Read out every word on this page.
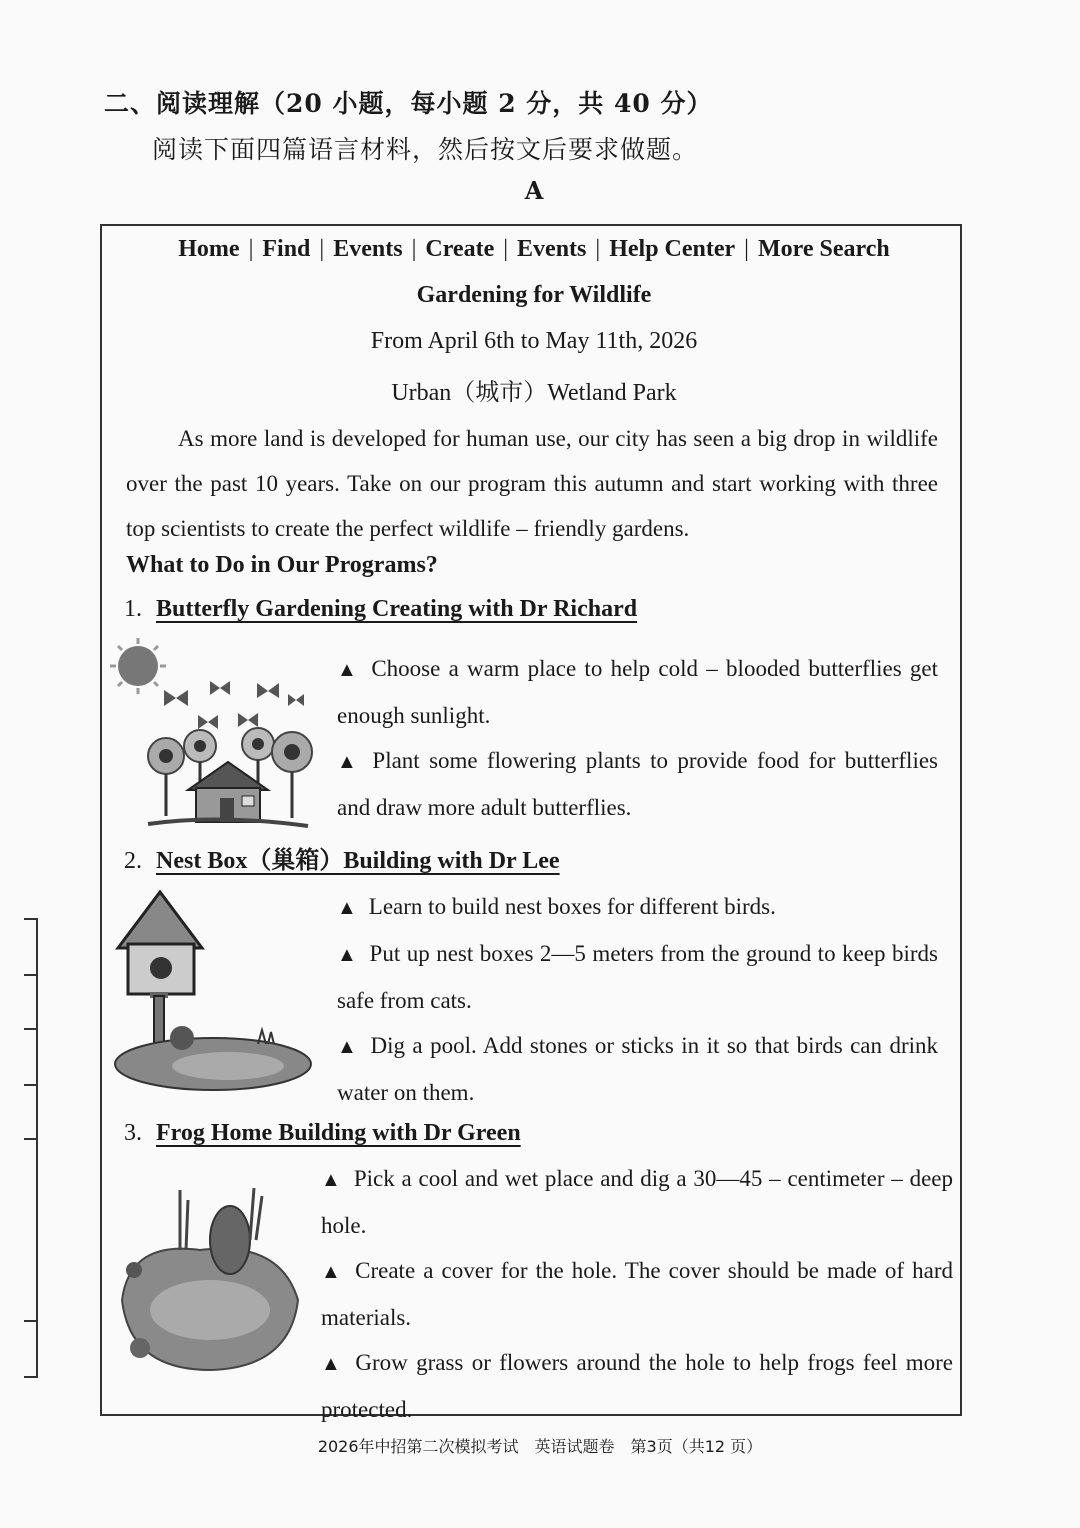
二、阅读理解（20 小题，每小题 2 分，共 40 分）
阅读下面四篇语言材料，然后按文后要求做题。
A
Home | Find | Events | Create | Events | Help Center | More Search
Gardening for Wildlife
From April 6th to May 11th, 2026
Urban（城市）Wetland Park
As more land is developed for human use, our city has seen a big drop in wildlife over the past 10 years. Take on our program this autumn and start working with three top scientists to create the perfect wildlife – friendly gardens.
What to Do in Our Programs?
1. Butterfly Gardening Creating with Dr Richard

▲ Choose a warm place to help cold – blooded butterflies get enough sunlight.

▲ Plant some flowering plants to provide food for butterflies and draw more adult butterflies.

2. Nest Box（巢箱）Building with Dr Lee

▲ Learn to build nest boxes for different birds.

▲ Put up nest boxes 2—5 meters from the ground to keep birds safe from cats.

▲ Dig a pool. Add stones or sticks in it so that birds can drink water on them.

3. Frog Home Building with Dr Green

▲ Pick a cool and wet place and dig a 30—45 – centimeter – deep hole.

▲ Create a cover for the hole. The cover should be made of hard materials.

▲ Grow grass or flowers around the hole to help frogs feel more protected.

2026年中招第二次模拟考试　英语试题卷　第3页（共12 页）
